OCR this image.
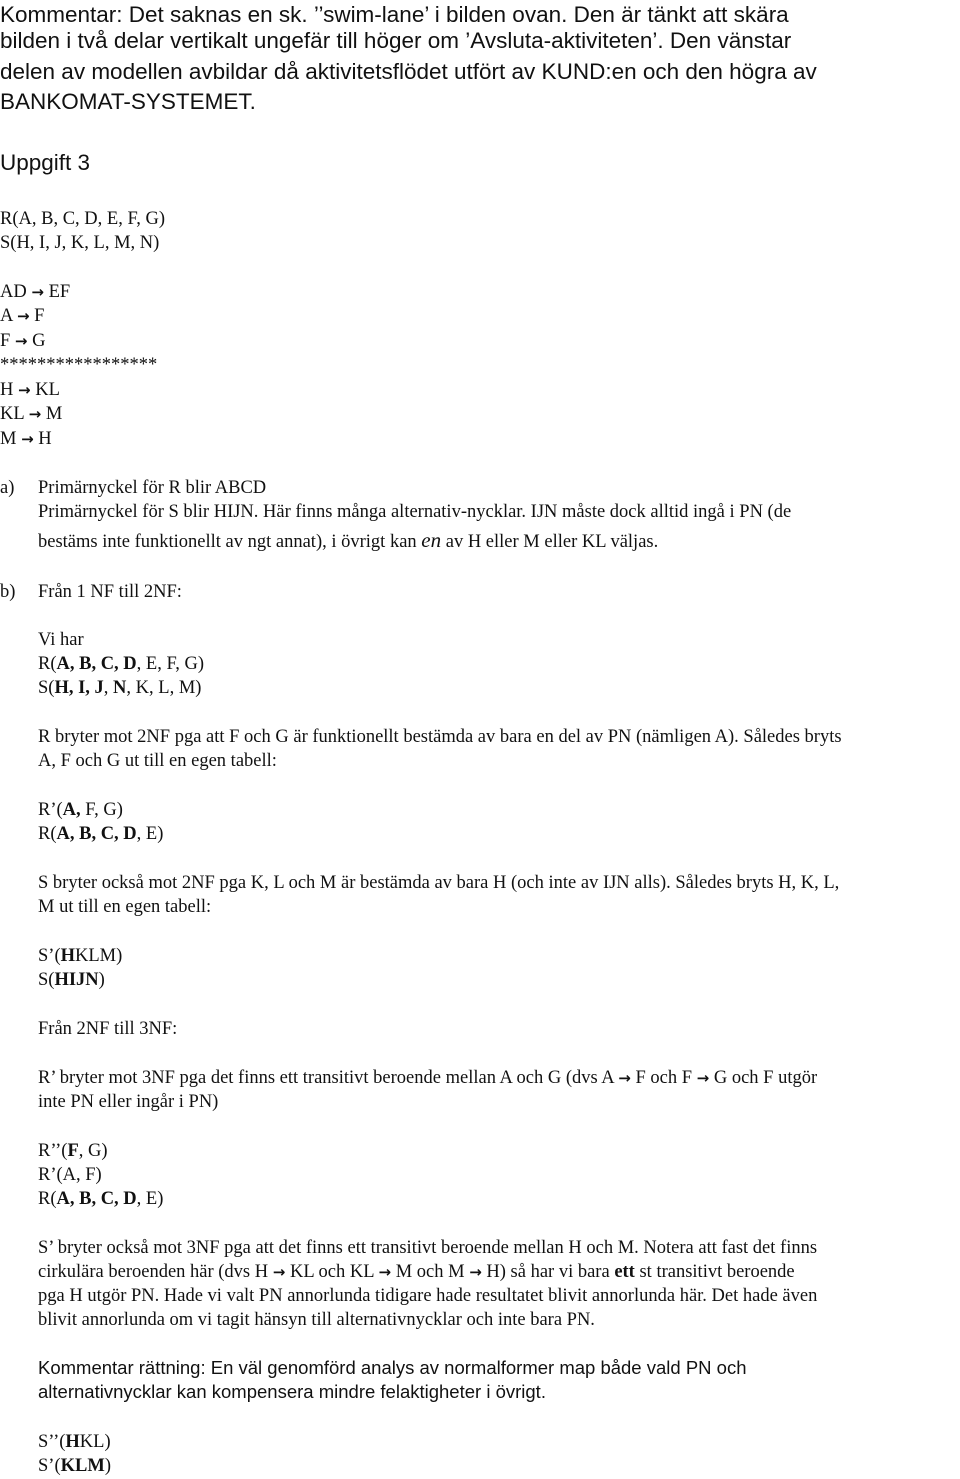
Kommentar: Det saknas en sk. ’’swim-lane’ i bilden ovan. Den är tänkt att skära
bilden i två delar vertikalt ungefär till höger om ’Avsluta-aktiviteten’. Den vänstar
delen av modellen avbildar då aktivitetsflödet utfört av KUND:en och den högra av
BANKOMAT-SYSTEMET.
Uppgift 3
R(A, B, C, D, E, F, G)
S(H, I, J, K, L, M, N)
AD → EF
A → F
F → G
*****************
H → KL
KL → M
M → H
a) Primärnyckel för R blir ABCD
Primärnyckel för S blir HIJN. Här finns många alternativ-nycklar. IJN måste dock alltid ingå i PN (de
bestäms inte funktionellt av ngt annat), i övrigt kan en av H eller M eller KL väljas.
b) Från 1 NF till 2NF:
Vi har
R(A, B, C, D, E, F, G)
S(H, I, J, N, K, L, M)
R bryter mot 2NF pga att F och G är funktionellt bestämda av bara en del av PN (nämligen A). Således bryts
A, F och G ut till en egen tabell:
R’(A, F, G)
R(A, B, C, D, E)
S bryter också mot 2NF pga K, L och M är bestämda av bara H (och inte av IJN alls). Således bryts H, K, L,
M ut till en egen tabell:
S’(HKLM)
S(HIJN)
Från 2NF till 3NF:
R’ bryter mot 3NF pga det finns ett transitivt beroende mellan A och G (dvs A → F och F → G och F utgör
inte PN eller ingår i PN)
R’’(F, G)
R’(A, F)
R(A, B, C, D, E)
S’ bryter också mot 3NF pga att det finns ett transitivt beroende mellan H och M. Notera att fast det finns
cirkulära beroenden här (dvs H → KL och KL → M och M → H) så har vi bara ett st transitivt beroende
pga H utgör PN. Hade vi valt PN annorlunda tidigare hade resultatet blivit annorlunda här. Det hade även
blivit annorlunda om vi tagit hänsyn till alternativnycklar och inte bara PN.
Kommentar rättning: En väl genomförd analys av normalformer map både vald PN och
alternativnycklar kan kompensera mindre felaktigheter i övrigt.
S’’(HKL)
S’(KLM)
